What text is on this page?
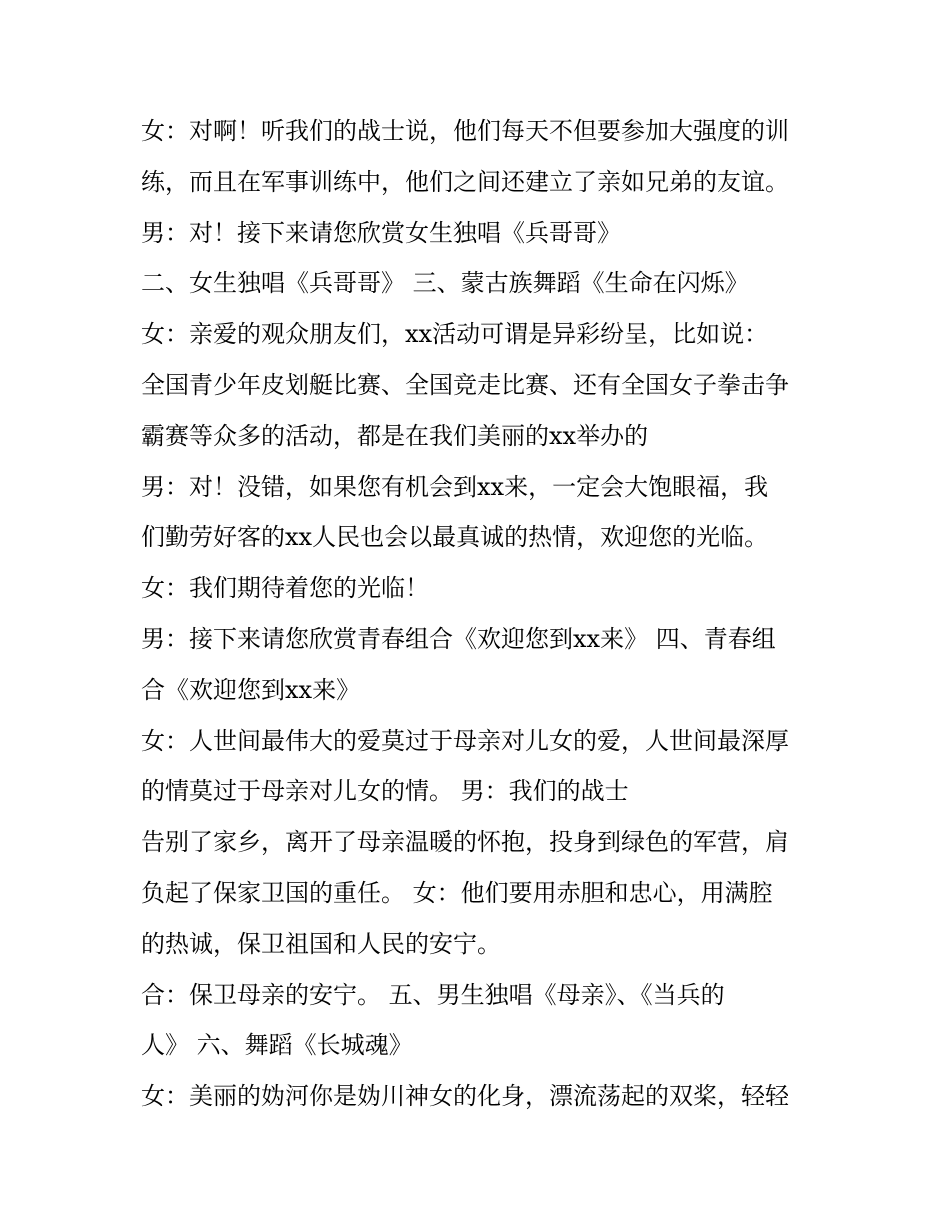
女：对啊！听我们的战士说，他们每天不但要参加大强度的训
练，而且在军事训练中，他们之间还建立了亲如兄弟的友谊。
男：对！接下来请您欣赏女生独唱《兵哥哥》
二、女生独唱《兵哥哥》 三、蒙古族舞蹈《生命在闪烁》
女：亲爱的观众朋友们，xx活动可谓是异彩纷呈，比如说：
全国青少年皮划艇比赛、全国竞走比赛、还有全国女子拳击争
霸赛等众多的活动，都是在我们美丽的xx举办的
男：对！没错，如果您有机会到xx来，一定会大饱眼福，我
们勤劳好客的xx人民也会以最真诚的热情，欢迎您的光临。
女：我们期待着您的光临！
男：接下来请您欣赏青春组合《欢迎您到xx来》 四、青春组
合《欢迎您到xx来》
女：人世间最伟大的爱莫过于母亲对儿女的爱，人世间最深厚
的情莫过于母亲对儿女的情。 男：我们的战士
告别了家乡，离开了母亲温暖的怀抱，投身到绿色的军营，肩
负起了保家卫国的重任。 女：他们要用赤胆和忠心，用满腔
的热诚，保卫祖国和人民的安宁。
合：保卫母亲的安宁。 五、男生独唱《母亲》、《当兵的
人》 六、舞蹈《长城魂》
女：美丽的妫河你是妫川神女的化身，漂流荡起的双桨，轻轻
